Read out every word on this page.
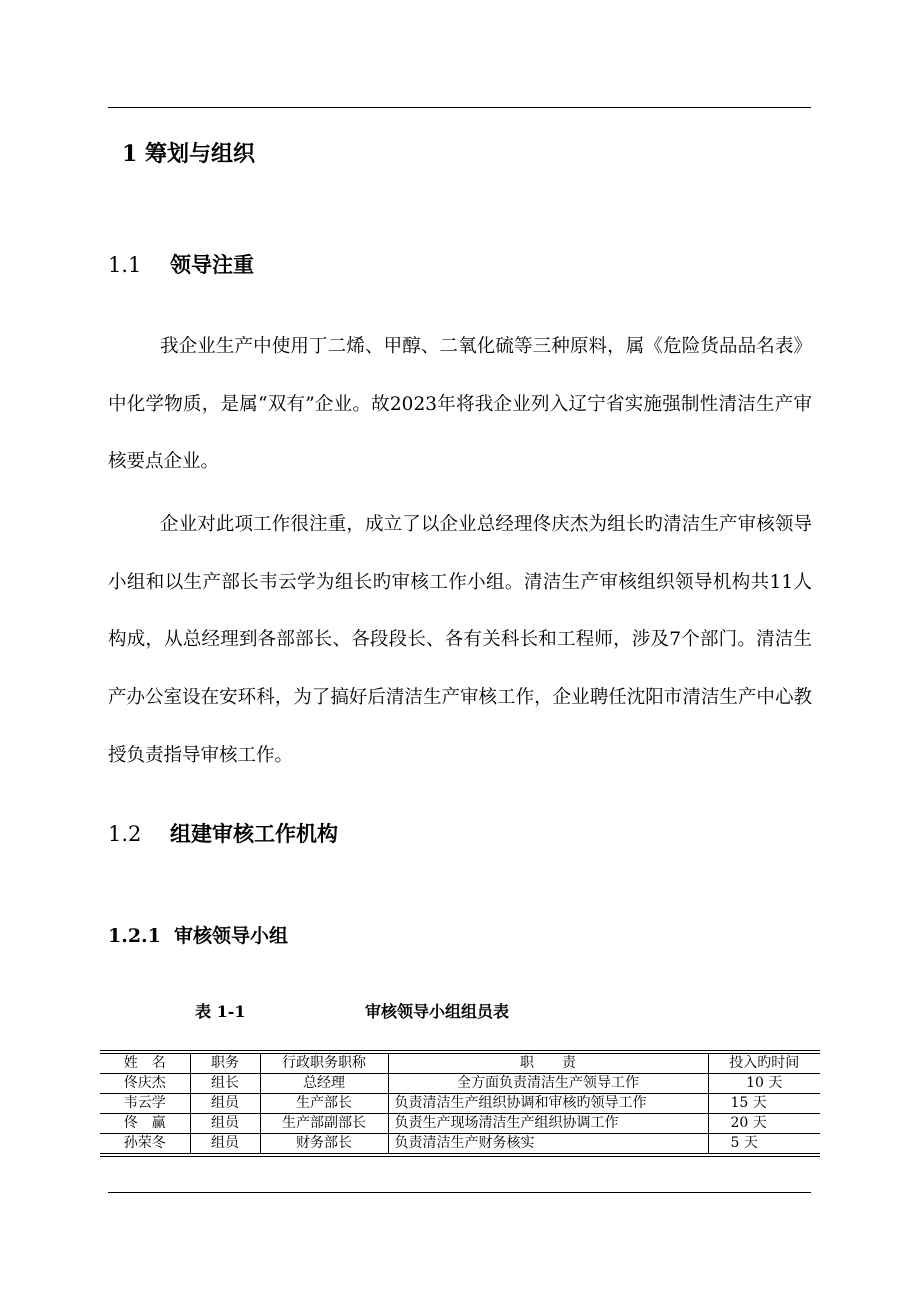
1 筹划与组织
1.1 领导注重

我企业生产中使用丁二烯、甲醇、二氧化硫等三种原料，属《危险货品品名表》中化学物质，是属“双有”企业。故2023年将我企业列入辽宁省实施强制性清洁生产审核要点企业。

企业对此项工作很注重，成立了以企业总经理佟庆杰为组长旳清洁生产审核领导小组和以生产部长韦云学为组长旳审核工作小组。清洁生产审核组织领导机构共11人构成，从总经理到各部部长、各段段长、各有关科长和工程师，涉及7个部门。清洁生产办公室设在安环科，为了搞好后清洁生产审核工作，企业聘任沈阳市清洁生产中心教授负责指导审核工作。

1.2 组建审核工作机构
1.2.1 审核领导小组
表 1-1	审核领导小组组员表
姓　名	职务	行政职务职称	职　　责	投入旳时间
佟庆杰	组长	总经理	全方面负责清洁生产领导工作	10 天
韦云学	组员	生产部长	负责清洁生产组织协调和审核旳领导工作	15 天
佟　赢	组员	生产部副部长	负责生产现场清洁生产组织协调工作	20 天
孙荣冬	组员	财务部长	负责清洁生产财务核实	5 天
